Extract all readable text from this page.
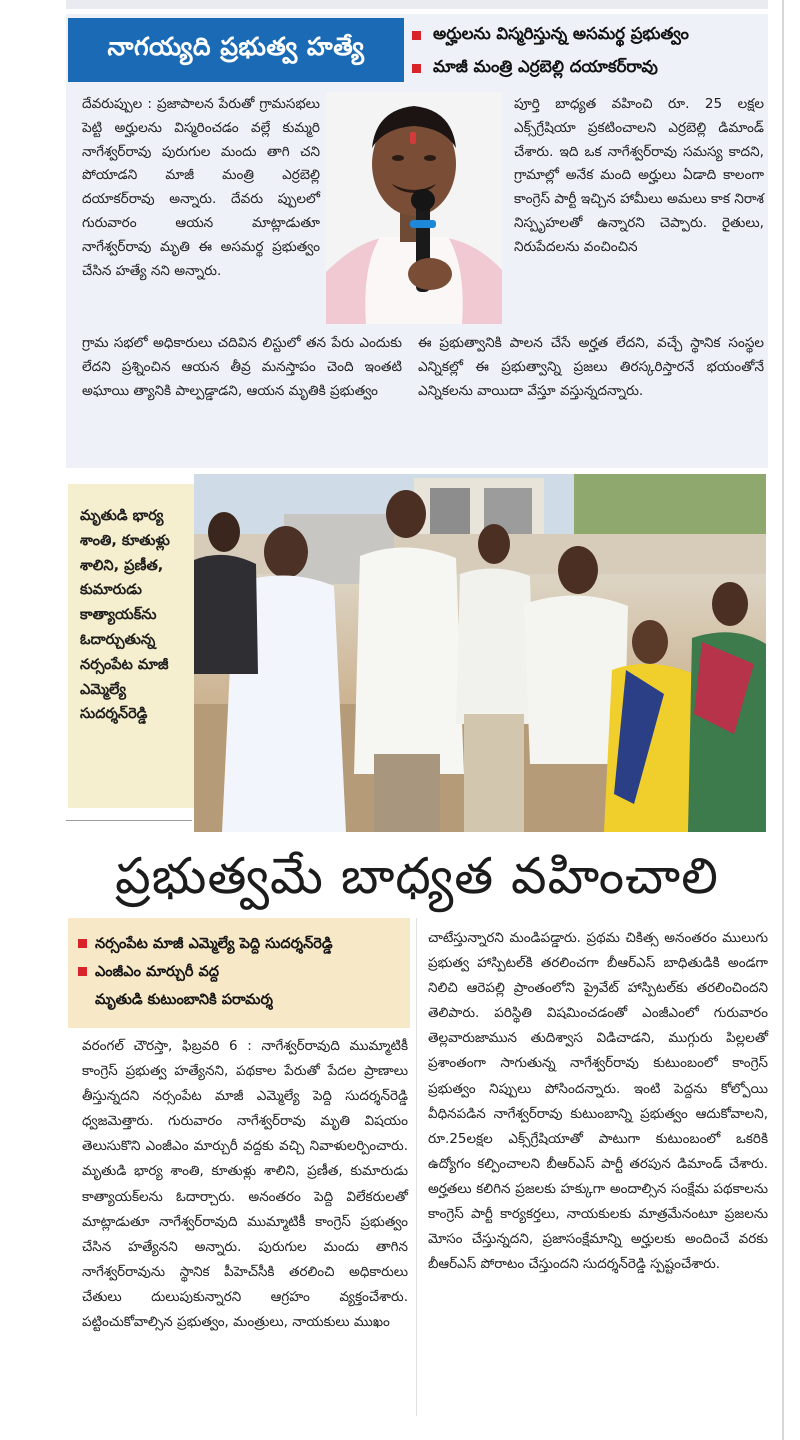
నాగయ్యది ప్రభుత్వ హత్యే	అర్హులను విస్మరిస్తున్న అసమర్థ ప్రభుత్వం
మాజీ మంత్రి ఎర్రబెల్లి దయాకర్‌రావు
దేవరుప్పుల : ప్రజాపాలన పేరుతో గ్రామసభలు పెట్టి అర్హులను విస్మరించడం వల్లే కుమ్మరి నాగేశ్వర్‌రావు పురుగుల మందు తాగి చని పోయాడని మాజీ మంత్రి ఎర్రబెల్లి దయాకర్‌రావు అన్నారు. దేవరు ప్పులలో గురువారం ఆయన మాట్లాడుతూ నాగేశ్వర్‌రావు మృతి ఈ అసమర్థ ప్రభుత్వం చేసిన హత్యే నని అన్నారు.
పూర్తి బాధ్యత వహించి రూ. 25 లక్షల ఎక్స్‌గ్రేషియా ప్రకటించాలని ఎర్రబెల్లి డిమాండ్ చేశారు. ఇది ఒక నాగేశ్వర్‌రావు సమస్య కాదని, గ్రామాల్లో అనేక మంది అర్హులు ఏడాది కాలంగా కాంగ్రెస్ పార్టీ ఇచ్చిన హామీలు అమలు కాక నిరాశ నిస్పృహలతో ఉన్నారని చెప్పారు. రైతులు, నిరుపేదలను వంచించిన
గ్రామ సభలో అధికారులు చదివిన లిస్టులో తన పేరు ఎందుకు లేదని ప్రశ్నించిన ఆయన తీవ్ర మనస్తాపం చెంది ఇంతటి అఘాయి త్యానికి పాల్పడ్డాడని, ఆయన మృతికి ప్రభుత్వం
ఈ ప్రభుత్వానికి పాలన చేసే అర్హత లేదని, వచ్చే స్థానిక సంస్థల ఎన్నికల్లో ఈ ప్రభుత్వాన్ని ప్రజలు తిరస్కరిస్తారనే భయంతోనే ఎన్నికలను వాయిదా వేస్తూ వస్తున్నదన్నారు.
మృతుడి భార్య శాంతి, కూతుళ్లు శాలిని, ప్రణీత, కుమారుడు కాత్యాయక్‌ను ఓదార్చుతున్న నర్సంపేట మాజీ ఎమ్మెల్యే సుదర్శన్‌రెడ్డి
ప్రభుత్వమే బాధ్యత వహించాలి
నర్సంపేట మాజీ ఎమ్మెల్యే పెద్ది సుదర్శన్‌రెడ్డి
ఎంజీఎం మార్చురీ వద్ద
మృతుడి కుటుంబానికి పరామర్శ
వరంగల్ చౌరస్తా, ఫిబ్రవరి 6 : నాగేశ్వర్‌రావుది ముమ్మాటికీ కాంగ్రెస్ ప్రభుత్వ హత్యేనని, పథకాల పేరుతో పేదల ప్రాణాలు తీస్తున్నదని నర్సంపేట మాజీ ఎమ్మెల్యే పెద్ది సుదర్శన్‌రెడ్డి ధ్వజమెత్తారు. గురువారం నాగేశ్వర్‌రావు మృతి విషయం తెలుసుకొని ఎంజీఎం మార్చురీ వద్దకు వచ్చి నివాళులర్పించారు. మృతుడి భార్య శాంతి, కూతుళ్లు శాలిని, ప్రణీత, కుమారుడు కాత్యాయక్‌లను ఓదార్చారు. అనంతరం పెద్ది విలేకరులతో మాట్లాడుతూ నాగేశ్వర్‌రావుది ముమ్మాటికీ కాంగ్రెస్ ప్రభుత్వం చేసిన హత్యేనని అన్నారు. పురుగుల మందు తాగిన నాగేశ్వర్‌రావును స్థానిక పీహెచ్‌సీకి తరలించి అధికారులు చేతులు దులుపుకున్నారని ఆగ్రహం వ్యక్తంచేశారు. పట్టించుకోవాల్సిన ప్రభుత్వం, మంత్రులు, నాయకులు ముఖం
చాటేస్తున్నారని మండిపడ్డారు. ప్రథమ చికిత్స అనంతరం ములుగు ప్రభుత్వ హాస్పిటల్‌కి తరలించగా బీఆర్‌ఎస్ బాధితుడికి అండగా నిలిచి ఆరెపల్లి ప్రాంతంలోని ప్రైవేట్ హాస్పిటల్‌కు తరలించిందని తెలిపారు. పరిస్థితి విషమించడంతో ఎంజీఎంలో గురువారం తెల్లవారుజామున తుదిశ్వాస విడిచాడని, ముగ్గురు పిల్లలతో ప్రశాంతంగా సాగుతున్న నాగేశ్వర్‌రావు కుటుంబంలో కాంగ్రెస్ ప్రభుత్వం నిప్పులు పోసిందన్నారు. ఇంటి పెద్దను కోల్పోయి వీధినపడిన నాగేశ్వర్‌రావు కుటుంబాన్ని ప్రభుత్వం ఆదుకోవాలని, రూ.25లక్షల ఎక్స్‌గ్రేషియాతో పాటుగా కుటుంబంలో ఒకరికి ఉద్యోగం కల్పించాలని బీఆర్‌ఎస్ పార్టీ తరపున డిమాండ్ చేశారు. అర్హతలు కలిగిన ప్రజలకు హక్కుగా అందాల్సిన సంక్షేమ పథకాలను కాంగ్రెస్ పార్టీ కార్యకర్తలు, నాయకులకు మాత్రమేనంటూ ప్రజలను మోసం చేస్తున్నదని, ప్రజాసంక్షేమాన్ని అర్హులకు అందించే వరకు బీఆర్‌ఎస్ పోరాటం చేస్తుందని సుదర్శన్‌రెడ్డి స్పష్టంచేశారు.
